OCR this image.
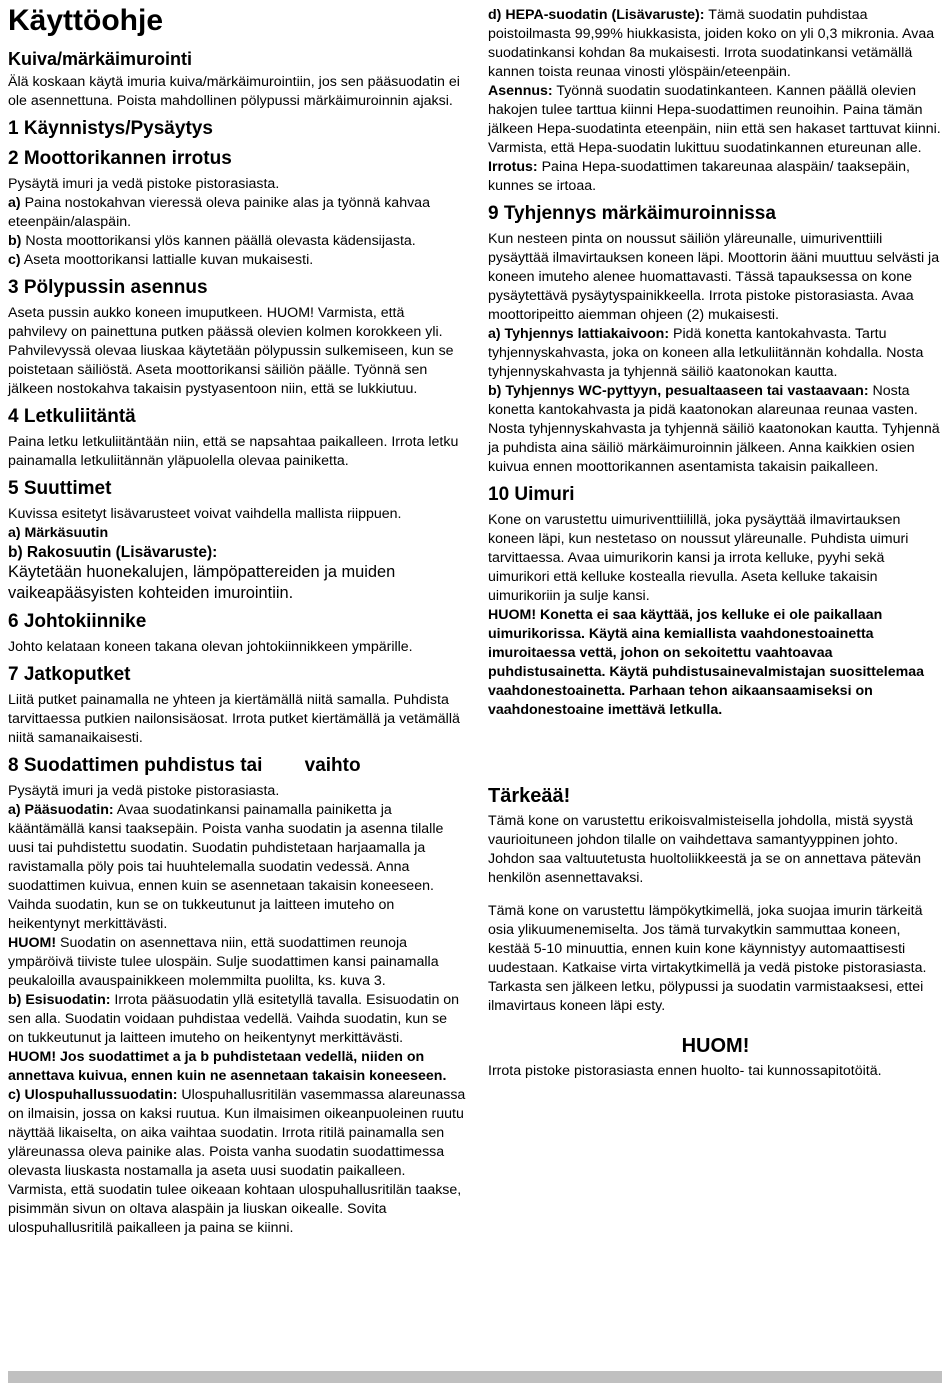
Käyttöohje
Kuiva/märkäimurointi

Älä koskaan käytä imuria kuiva/märkäimurointiin, jos sen pääsuodatin ei ole asennettuna. Poista mahdollinen pölypussi märkäimuroinnin ajaksi.

1 Käynnistys/Pysäytys
2 Moottorikannen irrotus

Pysäytä imuri ja vedä pistoke pistorasiasta.

a) Paina nostokahvan vieressä oleva painike alas ja työnnä kahvaa eteenpäin/alaspäin.

b) Nosta moottorikansi ylös kannen päällä olevasta kädensijasta.

c) Aseta moottorikansi lattialle kuvan mukaisesti.

3 Pölypussin asennus

Aseta pussin aukko koneen imuputkeen. HUOM! Varmista, että pahvilevy on painettuna putken päässä olevien kolmen korokkeen yli. Pahvilevyssä olevaa liuskaa käytetään pölypussin sulkemiseen, kun se poistetaan säiliöstä. Aseta moottorikansi säiliön päälle. Työnnä sen jälkeen nostokahva takaisin pystyasentoon niin, että se lukkiutuu.

4 Letkuliitäntä

Paina letku letkuliitäntään niin, että se napsahtaa paikalleen. Irrota letku painamalla letkuliitännän yläpuolella olevaa painiketta.

5 Suuttimet

Kuvissa esitetyt lisävarusteet voivat vaihdella mallista riippuen.

a) Märkäsuutin

b) Rakosuutin (Lisävaruste):

Käytetään huonekalujen, lämpöpattereiden ja muiden vaikeapääsyisten kohteiden imurointiin.

6 Johtokiinnike

Johto kelataan koneen takana olevan johtokiinnikkeen ympärille.

7 Jatkoputket

Liitä putket painamalla ne yhteen ja kiertämällä niitä samalla. Puhdista tarvittaessa putkien nailonsisäosat. Irrota putket kiertämällä ja vetämällä niitä samanaikaisesti.

8 Suodattimen puhdistus tai        vaihto

Pysäytä imuri ja vedä pistoke pistorasiasta.

a) Pääsuodatin: Avaa suodatinkansi painamalla painiketta ja kääntämällä kansi taaksepäin. Poista vanha suodatin ja asenna tilalle uusi tai puhdistettu suodatin. Suodatin puhdistetaan harjaamalla ja ravistamalla pöly pois tai huuhtelemalla suodatin vedessä. Anna suodattimen kuivua, ennen kuin se asennetaan takaisin koneeseen. Vaihda suodatin, kun se on tukkeutunut ja laitteen imuteho on heikentynyt merkittävästi.

HUOM! Suodatin on asennettava niin, että suodattimen reunoja ympäröivä tiiviste tulee ulospäin. Sulje suodattimen kansi painamalla peukaloilla avauspainikkeen molemmilta puolilta, ks. kuva 3.

b) Esisuodatin: Irrota pääsuodatin yllä esitetyllä tavalla. Esisuodatin on sen alla. Suodatin voidaan puhdistaa vedellä. Vaihda suodatin, kun se on tukkeutunut ja laitteen imuteho on heikentynyt merkittävästi.

HUOM! Jos suodattimet a ja b puhdistetaan vedellä, niiden on annettava kuivua, ennen kuin ne asennetaan takaisin koneeseen.

c) Ulospuhallussuodatin: Ulospuhallusritilän vasemmassa alareunassa on ilmaisin, jossa on kaksi ruutua. Kun ilmaisimen oikeanpuoleinen ruutu näyttää likaiselta, on aika vaihtaa suodatin. Irrota ritilä painamalla sen yläreunassa oleva painike alas. Poista vanha suodatin suodattimessa olevasta liuskasta nostamalla ja aseta uusi suodatin paikalleen. Varmista, että suodatin tulee oikeaan kohtaan ulospuhallusritilän taakse, pisimmän sivun on oltava alaspäin ja liuskan oikealle. Sovita ulospuhallusritilä paikalleen ja paina se kiinni.

d) HEPA-suodatin (Lisävaruste): Tämä suodatin puhdistaa poistoilmasta 99,99% hiukkasista, joiden koko on yli 0,3 mikronia. Avaa suodatinkansi kohdan 8a mukaisesti. Irrota suodatinkansi vetämällä kannen toista reunaa vinosti ylöspäin/eteenpäin.

Asennus: Työnnä suodatin suodatinkanteen. Kannen päällä olevien hakojen tulee tarttua kiinni Hepa-suodattimen reunoihin. Paina tämän jälkeen Hepa-suodatinta eteenpäin, niin että sen hakaset tarttuvat kiinni. Varmista, että Hepa-suodatin lukittuu suodatinkannen etureunan alle.

Irrotus: Paina Hepa-suodattimen takareunaa alaspäin/ taaksepäin, kunnes se irtoaa.

9 Tyhjennys märkäimuroinnissa

Kun nesteen pinta on noussut säiliön yläreunalle, uimuriventtiili pysäyttää ilmavirtauksen koneen läpi. Moottorin ääni muuttuu selvästi ja koneen imuteho alenee huomattavasti. Tässä tapauksessa on kone pysäytettävä pysäytyspainikkeella. Irrota pistoke pistorasiasta. Avaa moottoripeitto aiemman ohjeen (2) mukaisesti.

a) Tyhjennys lattiakaivoon: Pidä konetta kantokahvasta. Tartu tyhjennyskahvasta, joka on koneen alla letkuliitännän kohdalla. Nosta tyhjennyskahvasta ja tyhjennä säiliö kaatonokan kautta.

b) Tyhjennys WC-pyttyyn, pesualtaaseen tai vastaavaan: Nosta konetta kantokahvasta ja pidä kaatonokan alareunaa reunaa vasten. Nosta tyhjennyskahvasta ja tyhjennä säiliö kaatonokan kautta. Tyhjennä ja puhdista aina säiliö märkäimuroinnin jälkeen. Anna kaikkien osien kuivua ennen moottorikannen asentamista takaisin paikalleen.

10 Uimuri

Kone on varustettu uimuriventtiilillä, joka pysäyttää ilmavirtauksen koneen läpi, kun nestetaso on noussut yläreunalle. Puhdista uimuri tarvittaessa. Avaa uimurikorin kansi ja irrota kelluke, pyyhi sekä uimurikori että kelluke kostealla rievulla. Aseta kelluke takaisin uimurikoriin ja sulje kansi.

HUOM! Konetta ei saa käyttää, jos kelluke ei ole paikallaan uimurikorissa. Käytä aina kemiallista vaahdonestoainetta imuroitaessa vettä, johon on sekoitettu vaahtoavaa puhdistusainetta. Käytä puhdistusainevalmistajan suosittelemaa vaahdonestoainetta. Parhaan tehon aikaansaamiseksi on vaahdonestoaine imettävä letkulla.

Tärkeää!

Tämä kone on varustettu erikoisvalmisteisella johdolla, mistä syystä vaurioituneen johdon tilalle on vaihdettava samantyyppinen johto. Johdon saa valtuutetusta huoltoliikkeestä ja se on annettava pätevän henkilön asennettavaksi.

Tämä kone on varustettu lämpökytkimellä, joka suojaa imurin tärkeitä osia ylikuumenemiselta. Jos tämä turvakytkin sammuttaa koneen, kestää 5-10 minuuttia, ennen kuin kone käynnistyy automaattisesti uudestaan. Katkaise virta virtakytkimellä ja vedä pistoke pistorasiasta. Tarkasta sen jälkeen letku, pölypussi ja suodatin varmistaaksesi, ettei ilmavirtaus koneen läpi esty.

HUOM!

Irrota pistoke pistorasiasta ennen huolto- tai kunnossapitotöitä.
